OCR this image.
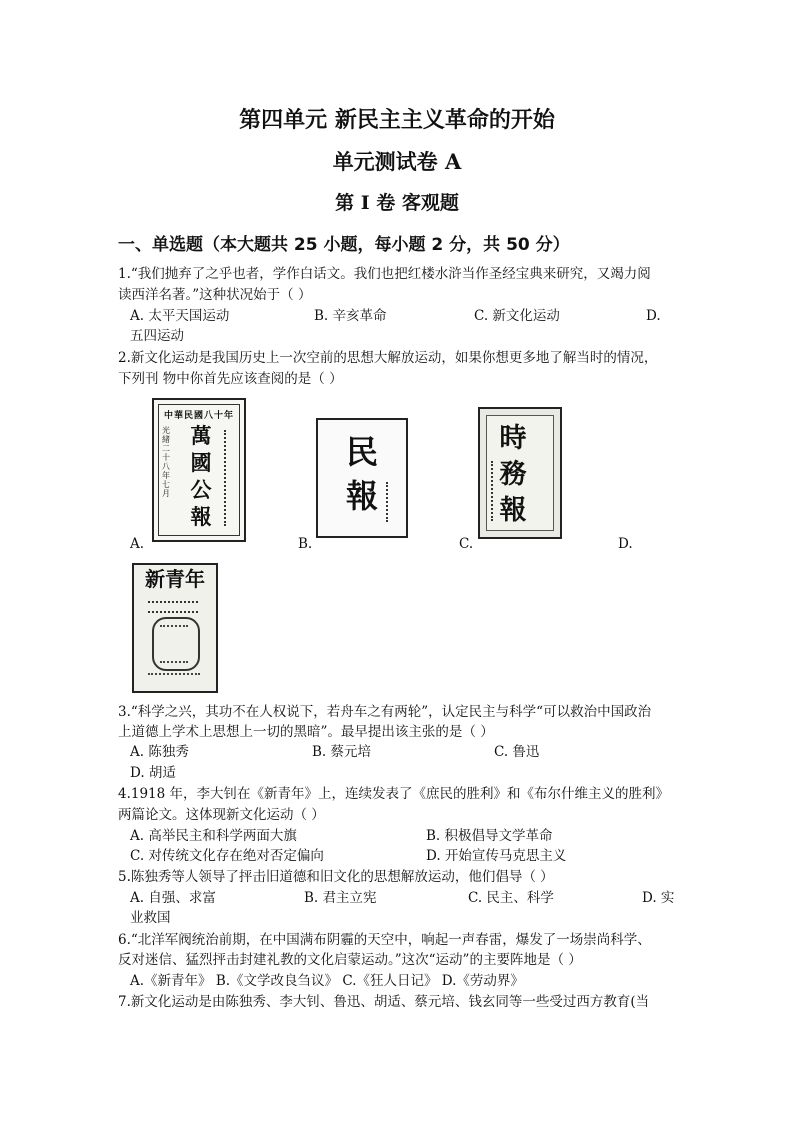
第四单元 新民主主义革命的开始
单元测试卷 A
第 I 卷 客观题
一、单选题（本大题共 25 小题，每小题 2 分，共 50 分）
1.“我们抛弃了之乎也者，学作白话文。我们也把红楼水浒当作圣经宝典来研究，又竭力阅
读西洋名著。”这种状况始于（ ）
A. 太平天国运动	B. 辛亥革命	C. 新文化运动	D.
五四运动
2.新文化运动是我国历史上一次空前的思想大解放运动，如果你想更多地了解当时的情况，
下列刊 物中你首先应该查阅的是（ ）
中華民國八十年
光緒二十八年七月
萬
國
公
報
A.
民
報
B.
時
務
報
C.	D.
新青年
3.“科学之兴，其功不在人权说下，若舟车之有两轮”，认定民主与科学“可以救治中国政治
上道德上学术上思想上一切的黑暗”。最早提出该主张的是（ ）
A. 陈独秀	B. 蔡元培	C. 鲁迅
D. 胡适
4.1918 年，李大钊在《新青年》上，连续发表了《庶民的胜利》和《布尔什维主义的胜利》
两篇论文。这体现新文化运动（ ）
A. 高举民主和科学两面大旗	B. 积极倡导文学革命
C. 对传统文化存在绝对否定偏向	D. 开始宣传马克思主义
5.陈独秀等人领导了抨击旧道德和旧文化的思想解放运动，他们倡导（ ）
A. 自强、求富	B. 君主立宪	C. 民主、科学	D. 实
业救国
6.“北洋军阀统治前期，在中国满布阴霾的天空中，响起一声春雷，爆发了一场崇尚科学、
反对迷信、猛烈抨击封建礼教的文化启蒙运动。”这次“运动”的主要阵地是（ ）
A.《新青年》 B.《文学改良刍议》 C.《狂人日记》 D.《劳动界》
7.新文化运动是由陈独秀、李大钊、鲁迅、胡适、蔡元培、钱玄同等一些受过西方教育(当
